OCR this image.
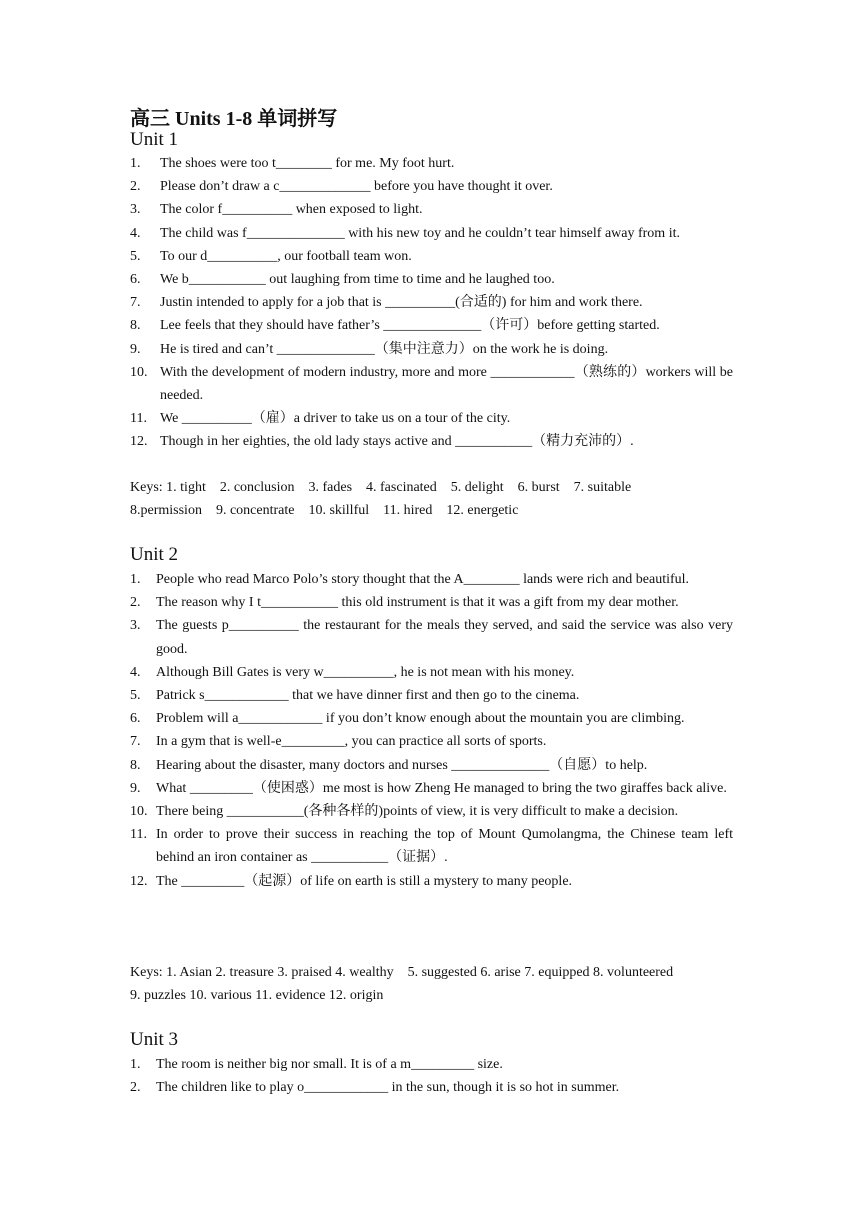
高三 Units 1-8 单词拼写
Unit 1
1. The shoes were too t________ for me. My foot hurt.
2. Please don’t draw a c_____________ before you have thought it over.
3. The color f__________ when exposed to light.
4. The child was f______________ with his new toy and he couldn’t tear himself away from it.
5. To our d__________, our football team won.
6. We b___________ out laughing from time to time and he laughed too.
7. Justin intended to apply for a job that is __________(合适的) for him and work there.
8. Lee feels that they should have father’s ______________（许可）before getting started.
9. He is tired and can’t ______________（集中注意力）on the work he is doing.
10. With the development of modern industry, more and more ____________（熟练的）workers will be needed.
11. We __________（雇）a driver to take us on a tour of the city.
12. Though in her eighties, the old lady stays active and ___________（精力充沛的）.
Keys: 1. tight    2. conclusion    3. fades    4. fascinated    5. delight    6. burst    7. suitable
8.permission    9. concentrate    10. skillful    11. hired    12. energetic
Unit 2
1. People who read Marco Polo’s story thought that the A________ lands were rich and beautiful.
2. The reason why I t___________ this old instrument is that it was a gift from my dear mother.
3. The guests p__________ the restaurant for the meals they served, and said the service was also very good.
4. Although Bill Gates is very w__________, he is not mean with his money.
5. Patrick s____________ that we have dinner first and then go to the cinema.
6. Problem will a____________ if you don’t know enough about the mountain you are climbing.
7. In a gym that is well-e_________, you can practice all sorts of sports.
8. Hearing about the disaster, many doctors and nurses ______________（自愿）to help.
9. What _________（使困惑）me most is how Zheng He managed to bring the two giraffes back alive.
10. There being ___________(各种各样的)points of view, it is very difficult to make a decision.
11. In order to prove their success in reaching the top of Mount Qumolangma, the Chinese team left behind an iron container as ___________（证据）.
12. The _________（起源）of life on earth is still a mystery to many people.
Keys: 1. Asian 2. treasure 3. praised 4. wealthy    5. suggested 6. arise 7. equipped 8. volunteered
9. puzzles 10. various 11. evidence 12. origin
Unit 3
1. The room is neither big nor small. It is of a m_________ size.
2. The children like to play o____________ in the sun, though it is so hot in summer.
